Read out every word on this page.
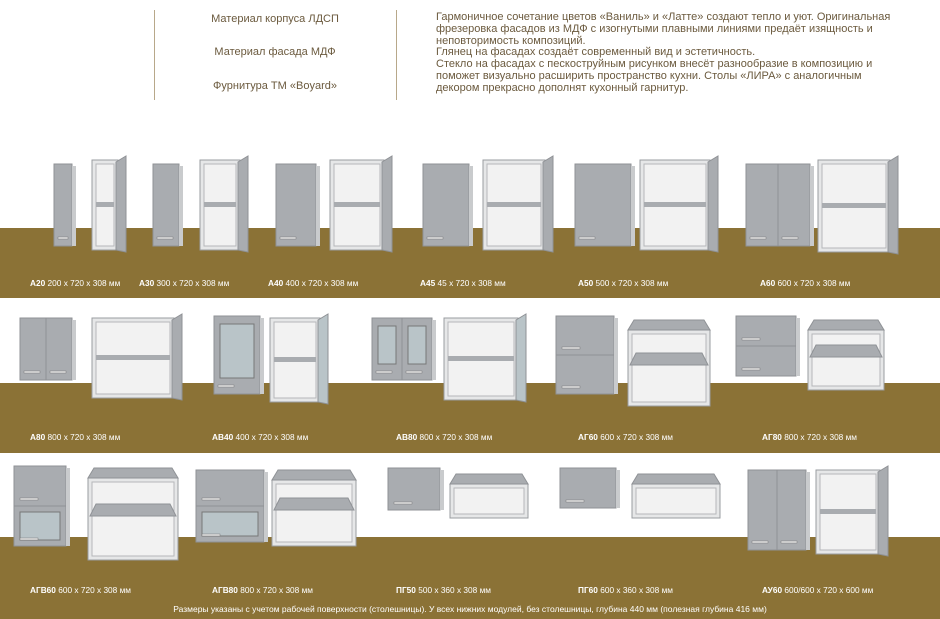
Материал корпуса ЛДСП
Материал фасада МДФ
Фурнитура ТМ «Boyard»

Гармоничное сочетание цветов «Ваниль» и «Латте» создают тепло и уют. Оригинальная фрезеровка фасадов из МДФ с изогнутыми плавными линиями предаёт изящность и неповторимость композиций.

Глянец на фасадах создаёт современный вид и эстетичность.

Стекло на фасадах с пескоструйным рисунком внесёт разнообразие в композицию и поможет визуально расширить пространство кухни. Столы «ЛИРА» с аналогичным декором прекрасно дополнят кухонный гарнитур.

А20 200 х 720 х 308 мм А30 300 х 720 х 308 мм	А40 400 х 720 х 308 мм	А45 45 х 720 х 308 мм	А50 500 х 720 х 308 мм	А60 600 х 720 х 308 мм
А80 800 х 720 х 308 мм	АВ40 400 х 720 х 308 мм	АВ80 800 х 720 х 308 мм	АГ60 600 х 720 х 308 мм	АГ80 800 х 720 х 308 мм
АГВ60 600 х 720 х 308 мм	АГВ80 800 х 720 х 308 мм	ПГ50 500 х 360 х 308 мм	ПГ60 600 х 360 х 308 мм	АУ60 600/600 х 720 х 600 мм
Размеры указаны с учетом рабочей поверхности (столешницы). У всех нижних модулей, без столешницы, глубина 440 мм (полезная глубина 416 мм)
